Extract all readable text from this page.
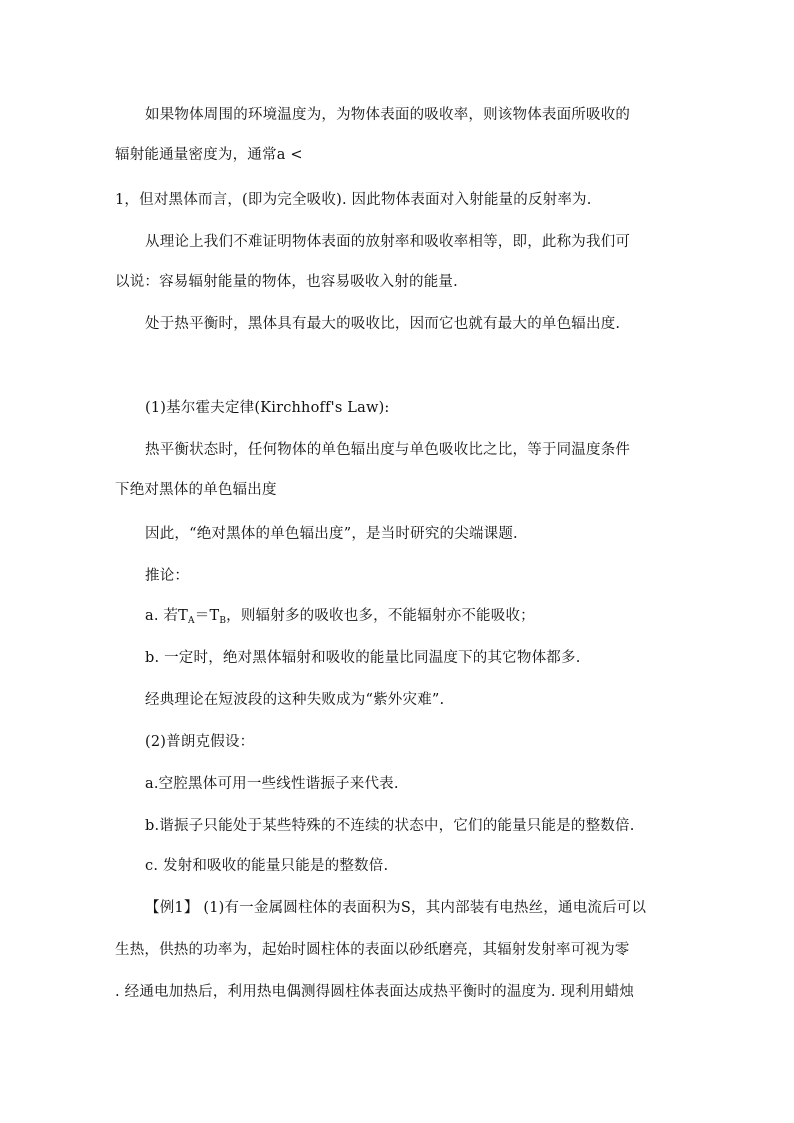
如果物体周围的环境温度为，为物体表面的吸收率，则该物体表面所吸收的
辐射能通量密度为，通常a <
1，但对黑体而言，(即为完全吸收). 因此物体表面对入射能量的反射率为.
从理论上我们不难证明物体表面的放射率和吸收率相等，即，此称为我们可
以说：容易辐射能量的物体，也容易吸收入射的能量.
处于热平衡时，黑体具有最大的吸收比，因而它也就有最大的单色辐出度.
(1)基尔霍夫定律(Kirchhoff's Law):
热平衡状态时，任何物体的单色辐出度与单色吸收比之比，等于同温度条件
下绝对黑体的单色辐出度
因此，“绝对黑体的单色辐出度”，是当时研究的尖端课题.
推论：
a. 若$T_A=T_B$，则辐射多的吸收也多，不能辐射亦不能吸收；
b. 一定时，绝对黑体辐射和吸收的能量比同温度下的其它物体都多.
经典理论在短波段的这种失败成为“紫外灾难”.
(2)普朗克假设：
a.空腔黑体可用一些线性谐振子来代表.
b.谐振子只能处于某些特殊的不连续的状态中，它们的能量只能是的整数倍.
c. 发射和吸收的能量只能是的整数倍.
【例1】 (1)有一金属圆柱体的表面积为S，其内部装有电热丝，通电流后可以
生热，供热的功率为，起始时圆柱体的表面以砂纸磨亮，其辐射发射率可视为零
. 经通电加热后，利用热电偶测得圆柱体表面达成热平衡时的温度为. 现利用蜡烛
